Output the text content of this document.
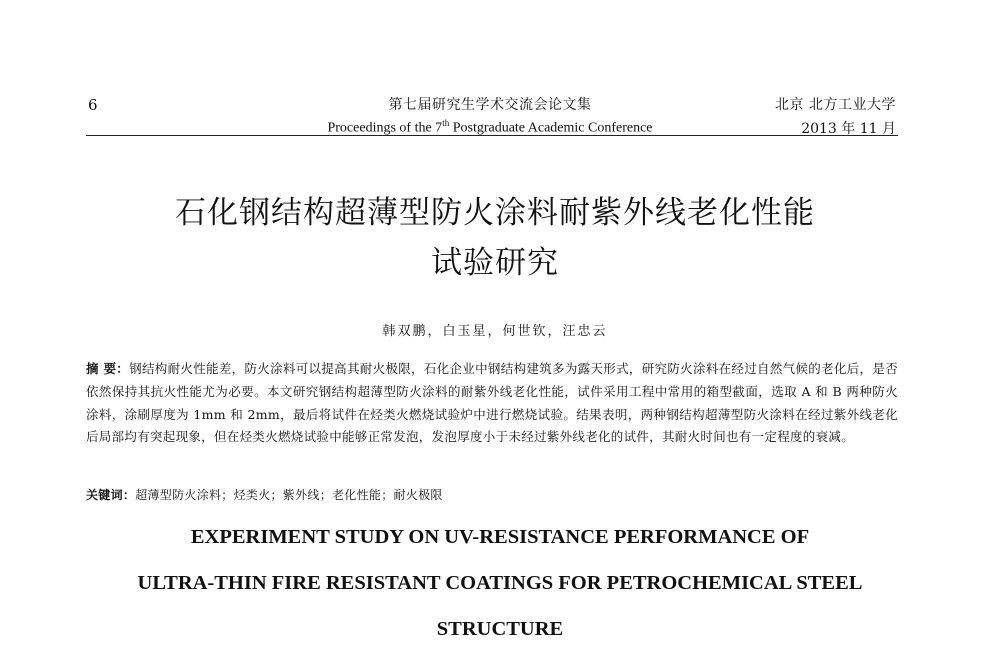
6	第七届研究生学术交流会论文集
Proceedings of the 7th Postgraduate Academic Conference
北京 北方工业大学
2013 年 11 月
石化钢结构超薄型防火涂料耐紫外线老化性能
试验研究
韩双鹏，白玉星，何世钦，汪忠云
摘 要：钢结构耐火性能差，防火涂料可以提高其耐火极限，石化企业中钢结构建筑多为露天形式，研究防火涂料在经过自然气候的老化后，是否依然保持其抗火性能尤为必要。本文研究钢结构超薄型防火涂料的耐紫外线老化性能，试件采用工程中常用的箱型截面，选取 A 和 B 两种防火涂料，涂刷厚度为 1mm 和 2mm，最后将试件在烃类火燃烧试验炉中进行燃烧试验。结果表明，两种钢结构超薄型防火涂料在经过紫外线老化后局部均有突起现象，但在烃类火燃烧试验中能够正常发泡，发泡厚度小于未经过紫外线老化的试件，其耐火时间也有一定程度的衰减。
关键词：超薄型防火涂料；烃类火；紫外线；老化性能；耐火极限
EXPERIMENT STUDY ON UV-RESISTANCE PERFORMANCE OF
ULTRA-THIN FIRE RESISTANT COATINGS FOR PETROCHEMICAL STEEL
STRUCTURE
